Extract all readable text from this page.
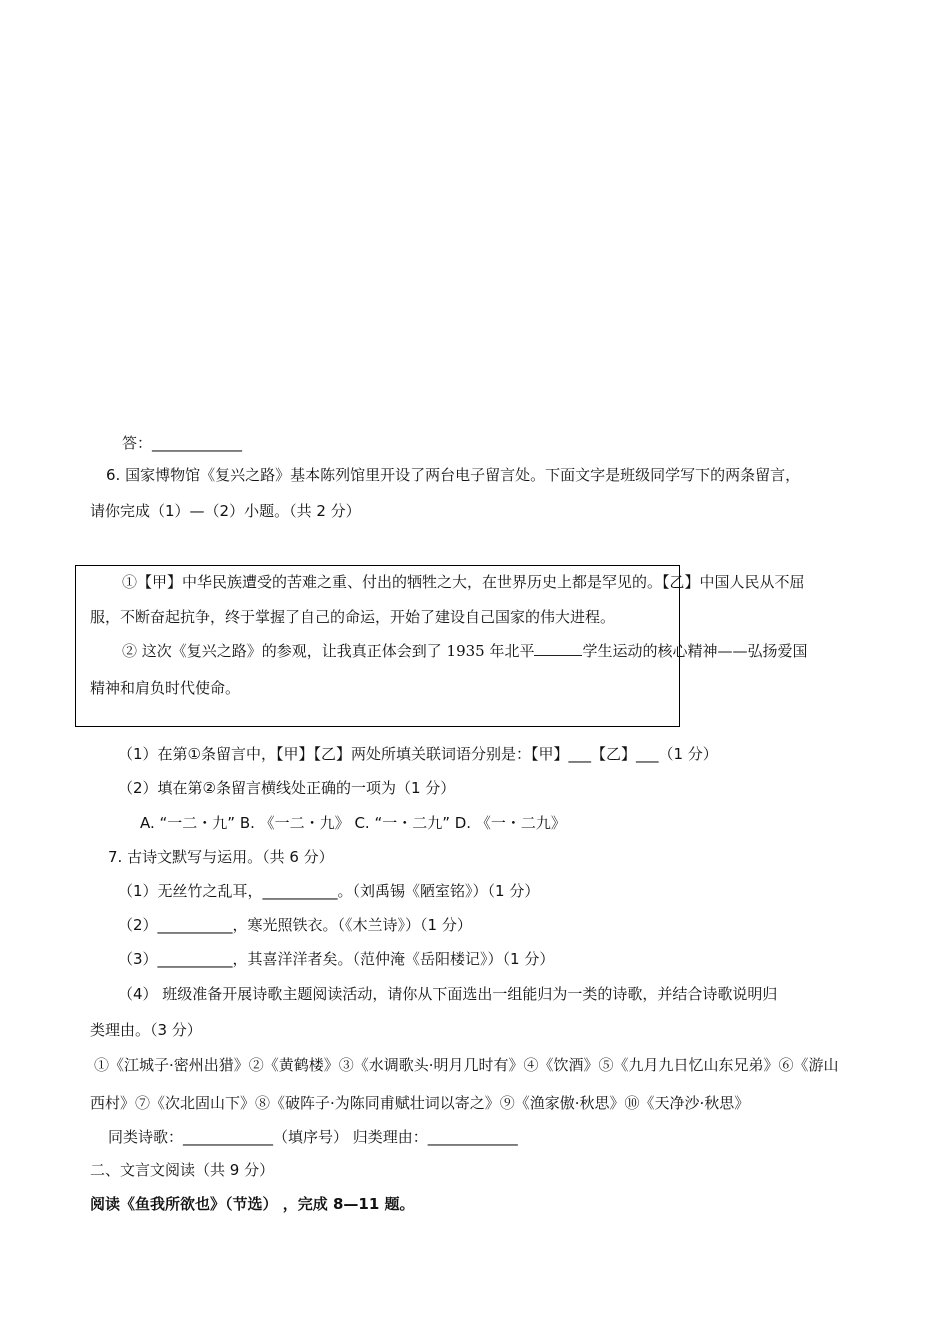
答：____________
6. 国家博物馆《复兴之路》基本陈列馆里开设了两台电子留言处。下面文字是班级同学写下的两条留言，
请你完成（1）—（2）小题。（共 2 分）
①【甲】中华民族遭受的苦难之重、付出的牺牲之大，在世界历史上都是罕见的。【乙】中国人民从不屈
服，不断奋起抗争，终于掌握了自己的命运，开始了建设自己国家的伟大进程。
② 这次《复兴之路》的参观，让我真正体会到了 1935 年北平	学生运动的核心精神——弘扬爱国
精神和肩负时代使命。
（1）在第①条留言中，【甲】【乙】两处所填关联词语分别是：【甲】___【乙】___（1 分）
（2）填在第②条留言横线处正确的一项为（1 分）
A. “一二・九” B. 《一二・九》 C. “一・二九” D. 《一・二九》
7. 古诗文默写与运用。（共 6 分）
（1）无丝竹之乱耳，__________。（刘禹锡《陋室铭》）（1 分）
（2）__________，寒光照铁衣。（《木兰诗》）（1 分）
（3）__________，其喜洋洋者矣。（范仲淹《岳阳楼记》）（1 分）
（4） 班级准备开展诗歌主题阅读活动，请你从下面选出一组能归为一类的诗歌，并结合诗歌说明归
类理由。（3 分）
①《江城子·密州出猎》②《黄鹤楼》③《水调歌头·明月几时有》④《饮酒》⑤《九月九日忆山东兄弟》⑥《游山
西村》⑦《次北固山下》⑧《破阵子·为陈同甫赋壮词以寄之》⑨《渔家傲·秋思》⑩《天净沙·秋思》
同类诗歌：____________（填序号） 归类理由：____________
二、文言文阅读（共 9 分）
阅读《鱼我所欲也》（节选） ，完成 8—11 题。
